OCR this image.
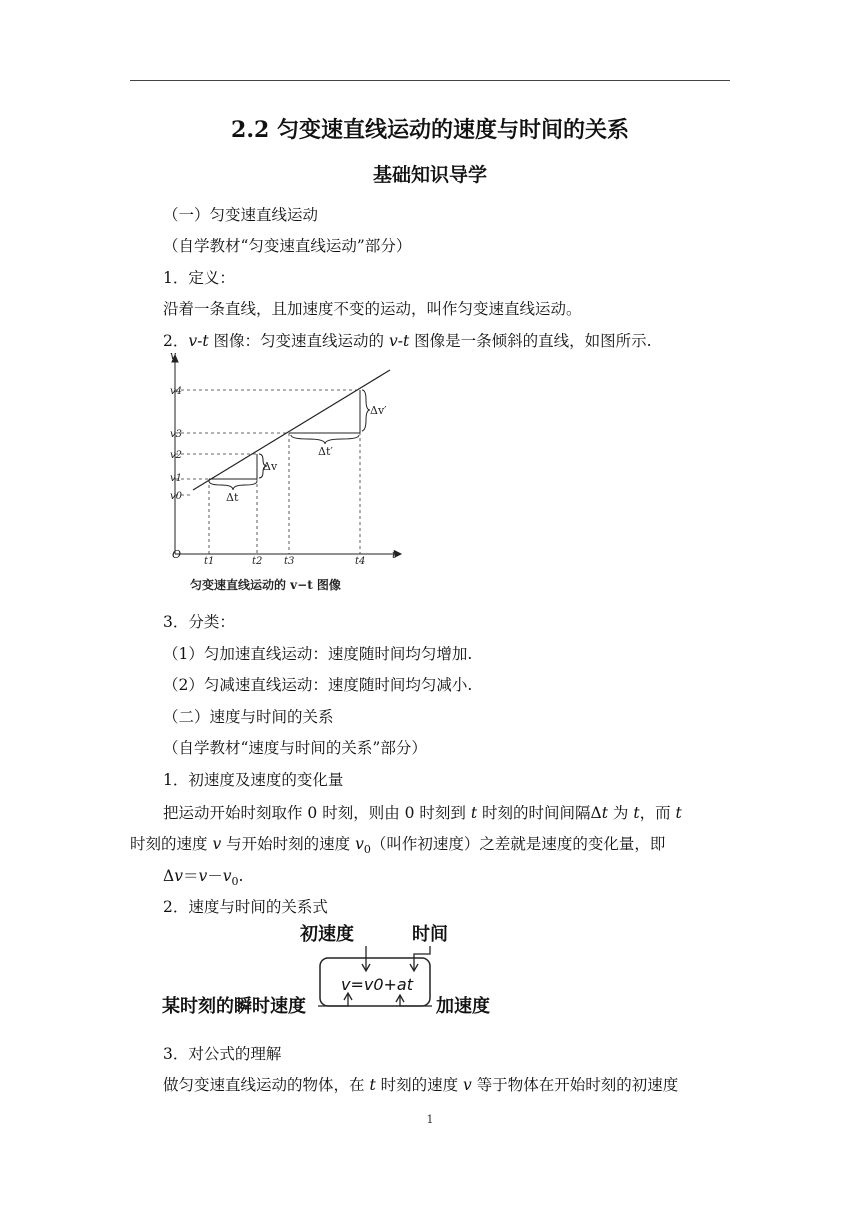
2.2 匀变速直线运动的速度与时间的关系
基础知识导学
（一）匀变速直线运动
（自学教材“匀变速直线运动”部分）
1．定义：
沿着一条直线，且加速度不变的运动，叫作匀变速直线运动。
2．v-t 图像：匀变速直线运动的 v-t 图像是一条倾斜的直线，如图所示.
v
t
O
v4
v3
v2
v1
v0
t1	t2 t3	t4
Δv
Δt
Δv′
Δt′
匀变速直线运动的 v−t 图像
3．分类：
（1）匀加速直线运动：速度随时间均匀增加.
（2）匀减速直线运动：速度随时间均匀减小.
（二）速度与时间的关系
（自学教材“速度与时间的关系”部分）
1．初速度及速度的变化量
把运动开始时刻取作 0 时刻，则由 0 时刻到 t 时刻的时间间隔Δt 为 t，而 t
时刻的速度 v 与开始时刻的速度 $v_0$（叫作初速度）之差就是速度的变化量，即
$\Delta v=v-v_0$.
2．速度与时间的关系式
初速度	时间
某时刻的瞬时速度	加速度
v=v0+at
3．对公式的理解
做匀变速直线运动的物体，在 t 时刻的速度 v 等于物体在开始时刻的初速度
1
